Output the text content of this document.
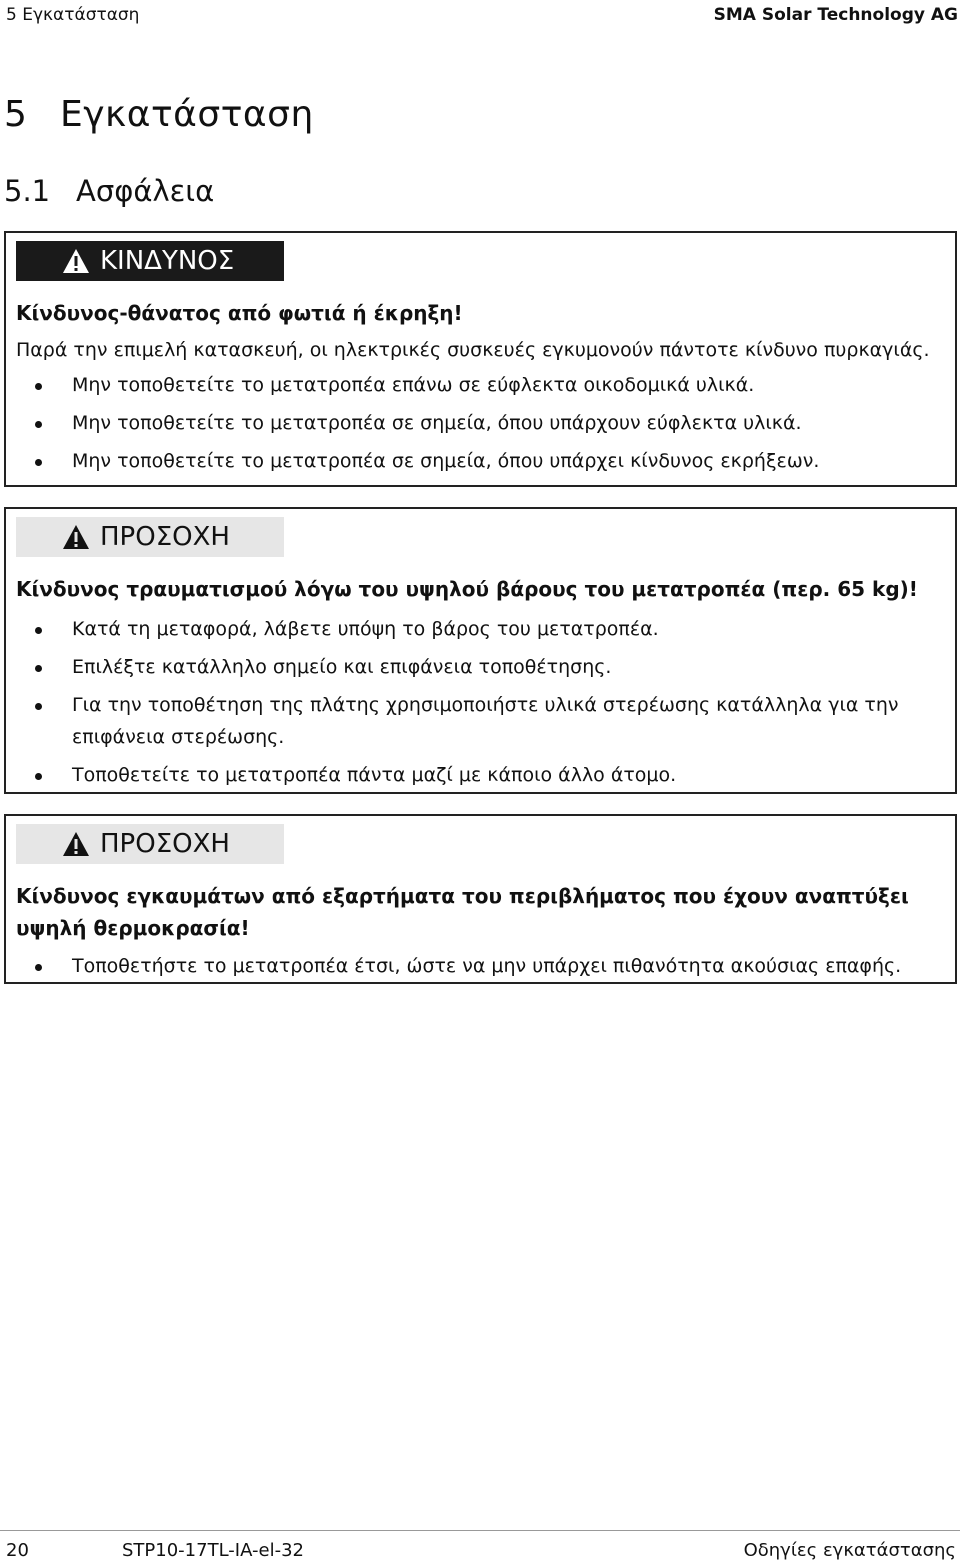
5 Εγκατάσταση	SMA Solar Technology AG
5 Εγκατάσταση
5.1 Ασφάλεια
ΚΙΝΔΥΝΟΣ
Κίνδυνος-θάνατος από φωτιά ή έκρηξη!
Παρά την επιμελή κατασκευή, οι ηλεκτρικές συσκευές εγκυμονούν πάντοτε κίνδυνο πυρκαγιάς.
Μην τοποθετείτε το μετατροπέα επάνω σε εύφλεκτα οικοδομικά υλικά.
Μην τοποθετείτε το μετατροπέα σε σημεία, όπου υπάρχουν εύφλεκτα υλικά.
Μην τοποθετείτε το μετατροπέα σε σημεία, όπου υπάρχει κίνδυνος εκρήξεων.
ΠΡΟΣΟΧΗ
Κίνδυνος τραυματισμού λόγω του υψηλού βάρους του μετατροπέα (περ. 65 kg)!
Κατά τη μεταφορά, λάβετε υπόψη το βάρος του μετατροπέα.
Επιλέξτε κατάλληλο σημείο και επιφάνεια τοποθέτησης.
Για την τοποθέτηση της πλάτης χρησιμοποιήστε υλικά στερέωσης κατάλληλα για την επιφάνεια στερέωσης.
Τοποθετείτε το μετατροπέα πάντα μαζί με κάποιο άλλο άτομο.
ΠΡΟΣΟΧΗ
Κίνδυνος εγκαυμάτων από εξαρτήματα του περιβλήματος που έχουν αναπτύξει υψηλή θερμοκρασία!
Τοποθετήστε το μετατροπέα έτσι, ώστε να μην υπάρχει πιθανότητα ακούσιας επαφής.
20	STP10-17TL-IA-el-32	Οδηγίες εγκατάστασης
